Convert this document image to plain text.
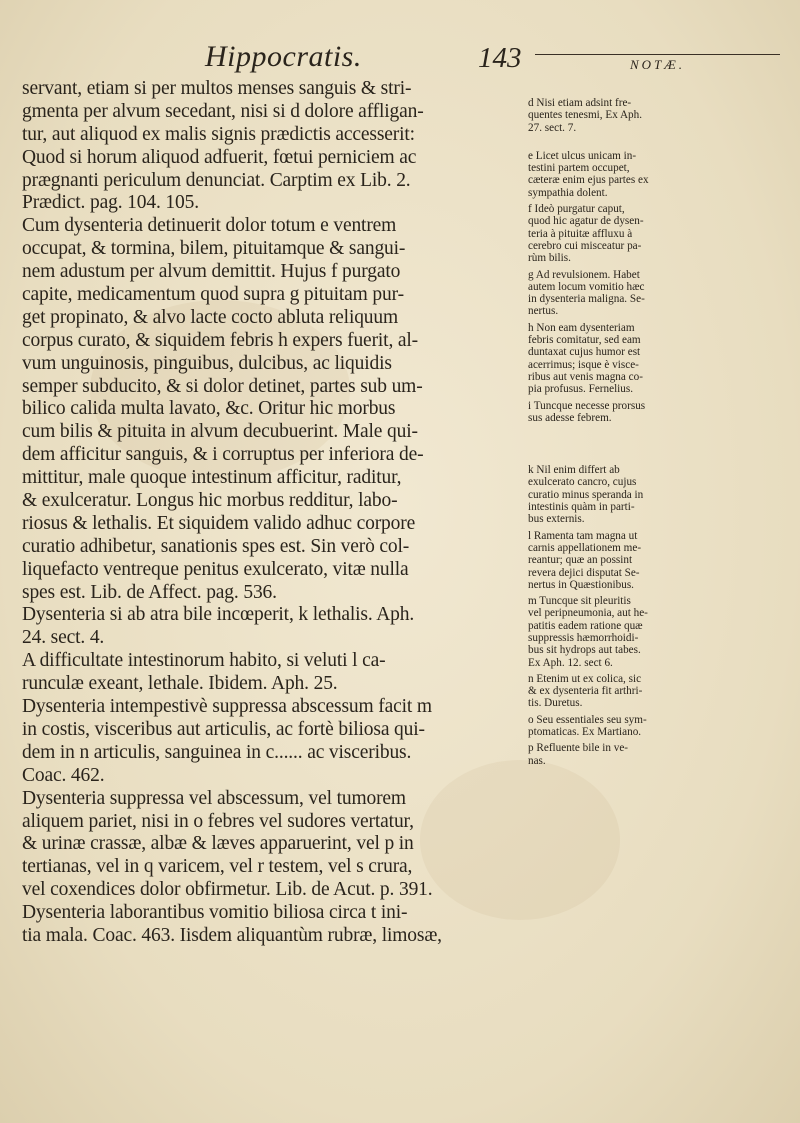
Hippocratis.	143	NOTÆ.
servant, etiam si per multos menses sanguis & stri-
gmenta per alvum secedant, nisi si d dolore affligan-
tur, aut aliquod ex malis signis prædictis accesserit:
Quod si horum aliquod adfuerit, fœtui perniciem ac
prægnanti periculum denunciat. Carptim ex Lib. 2.
Prædict. pag. 104. 105.
Cum dysenteria detinuerit dolor totum e ventrem
occupat, & tormina, bilem, pituitamque & sangui-
nem adustum per alvum demittit. Hujus f purgato
capite, medicamentum quod supra g pituitam pur-
get propinato, & alvo lacte cocto abluta reliquum
corpus curato, & siquidem febris h expers fuerit, al-
vum unguinosis, pinguibus, dulcibus, ac liquidis
semper subducito, & si dolor detinet, partes sub um-
bilico calida multa lavato, &c. Oritur hic morbus
cum bilis & pituita in alvum decubuerint. Male qui-
dem afficitur sanguis, & i corruptus per inferiora de-
mittitur, male quoque intestinum afficitur, raditur,
& exulceratur. Longus hic morbus redditur, labo-
riosus & lethalis. Et siquidem valido adhuc corpore
curatio adhibetur, sanationis spes est. Sin verò col-
liquefacto ventreque penitus exulcerato, vitæ nulla
spes est. Lib. de Affect. pag. 536.
Dysenteria si ab atra bile incœperit, k lethalis. Aph.
24. sect. 4.
A difficultate intestinorum habito, si veluti l ca-
runculæ exeant, lethale. Ibidem. Aph. 25.
Dysenteria intempestivè suppressa abscessum facit m
in costis, visceribus aut articulis, ac fortè biliosa qui-
dem in n articulis, sanguinea in c...... ac visceribus.
Coac. 462.
Dysenteria suppressa vel abscessum, vel tumorem
aliquem pariet, nisi in o febres vel sudores vertatur,
& urinæ crassæ, albæ & læves apparuerint, vel p in
tertianas, vel in q varicem, vel r testem, vel s crura,
vel coxendices dolor obfirmetur. Lib. de Acut. p. 391.
Dysenteria laborantibus vomitio biliosa circa t ini-
tia mala. Coac. 463. Iisdem aliquantùm rubræ, limosæ,
d Nisi etiam adsint fre-
quentes tenesmi, Ex Aph.
27. sect. 7.
e Licet ulcus unicam in-
testini partem occupet,
cæteræ enim ejus partes ex
sympathia dolent.
f Ideò purgatur caput,
quod hic agatur de dysen-
teria à pituitæ affluxu à
cerebro cui misceatur pa-
rùm bilis.
g Ad revulsionem. Habet
autem locum vomitio hæc
in dysenteria maligna. Se-
nertus.
h Non eam dysenteriam
febris comitatur, sed eam
duntaxat cujus humor est
acerrimus; isque è visce-
ribus aut venis magna co-
pia profusus. Fernelius.
i Tuncque necesse prorsus
sus adesse febrem.
k Nil enim differt ab
exulcerato cancro, cujus
curatio minus speranda in
intestinis quàm in parti-
bus externis.
l Ramenta tam magna ut
carnis appellationem me-
reantur; quæ an possint
revera dejici disputat Se-
nertus in Quæstionibus.
m Tuncque sit pleuritis
vel peripneumonia, aut he-
patitis eadem ratione quæ
suppressis hæmorrhoidi-
bus sit hydrops aut tabes.
Ex Aph. 12. sect 6.
n Etenim ut ex colica, sic
& ex dysenteria fit arthri-
tis. Duretus.
o Seu essentiales seu sym-
ptomaticas. Ex Martiano.
p Refluente bile in ve-
nas.
